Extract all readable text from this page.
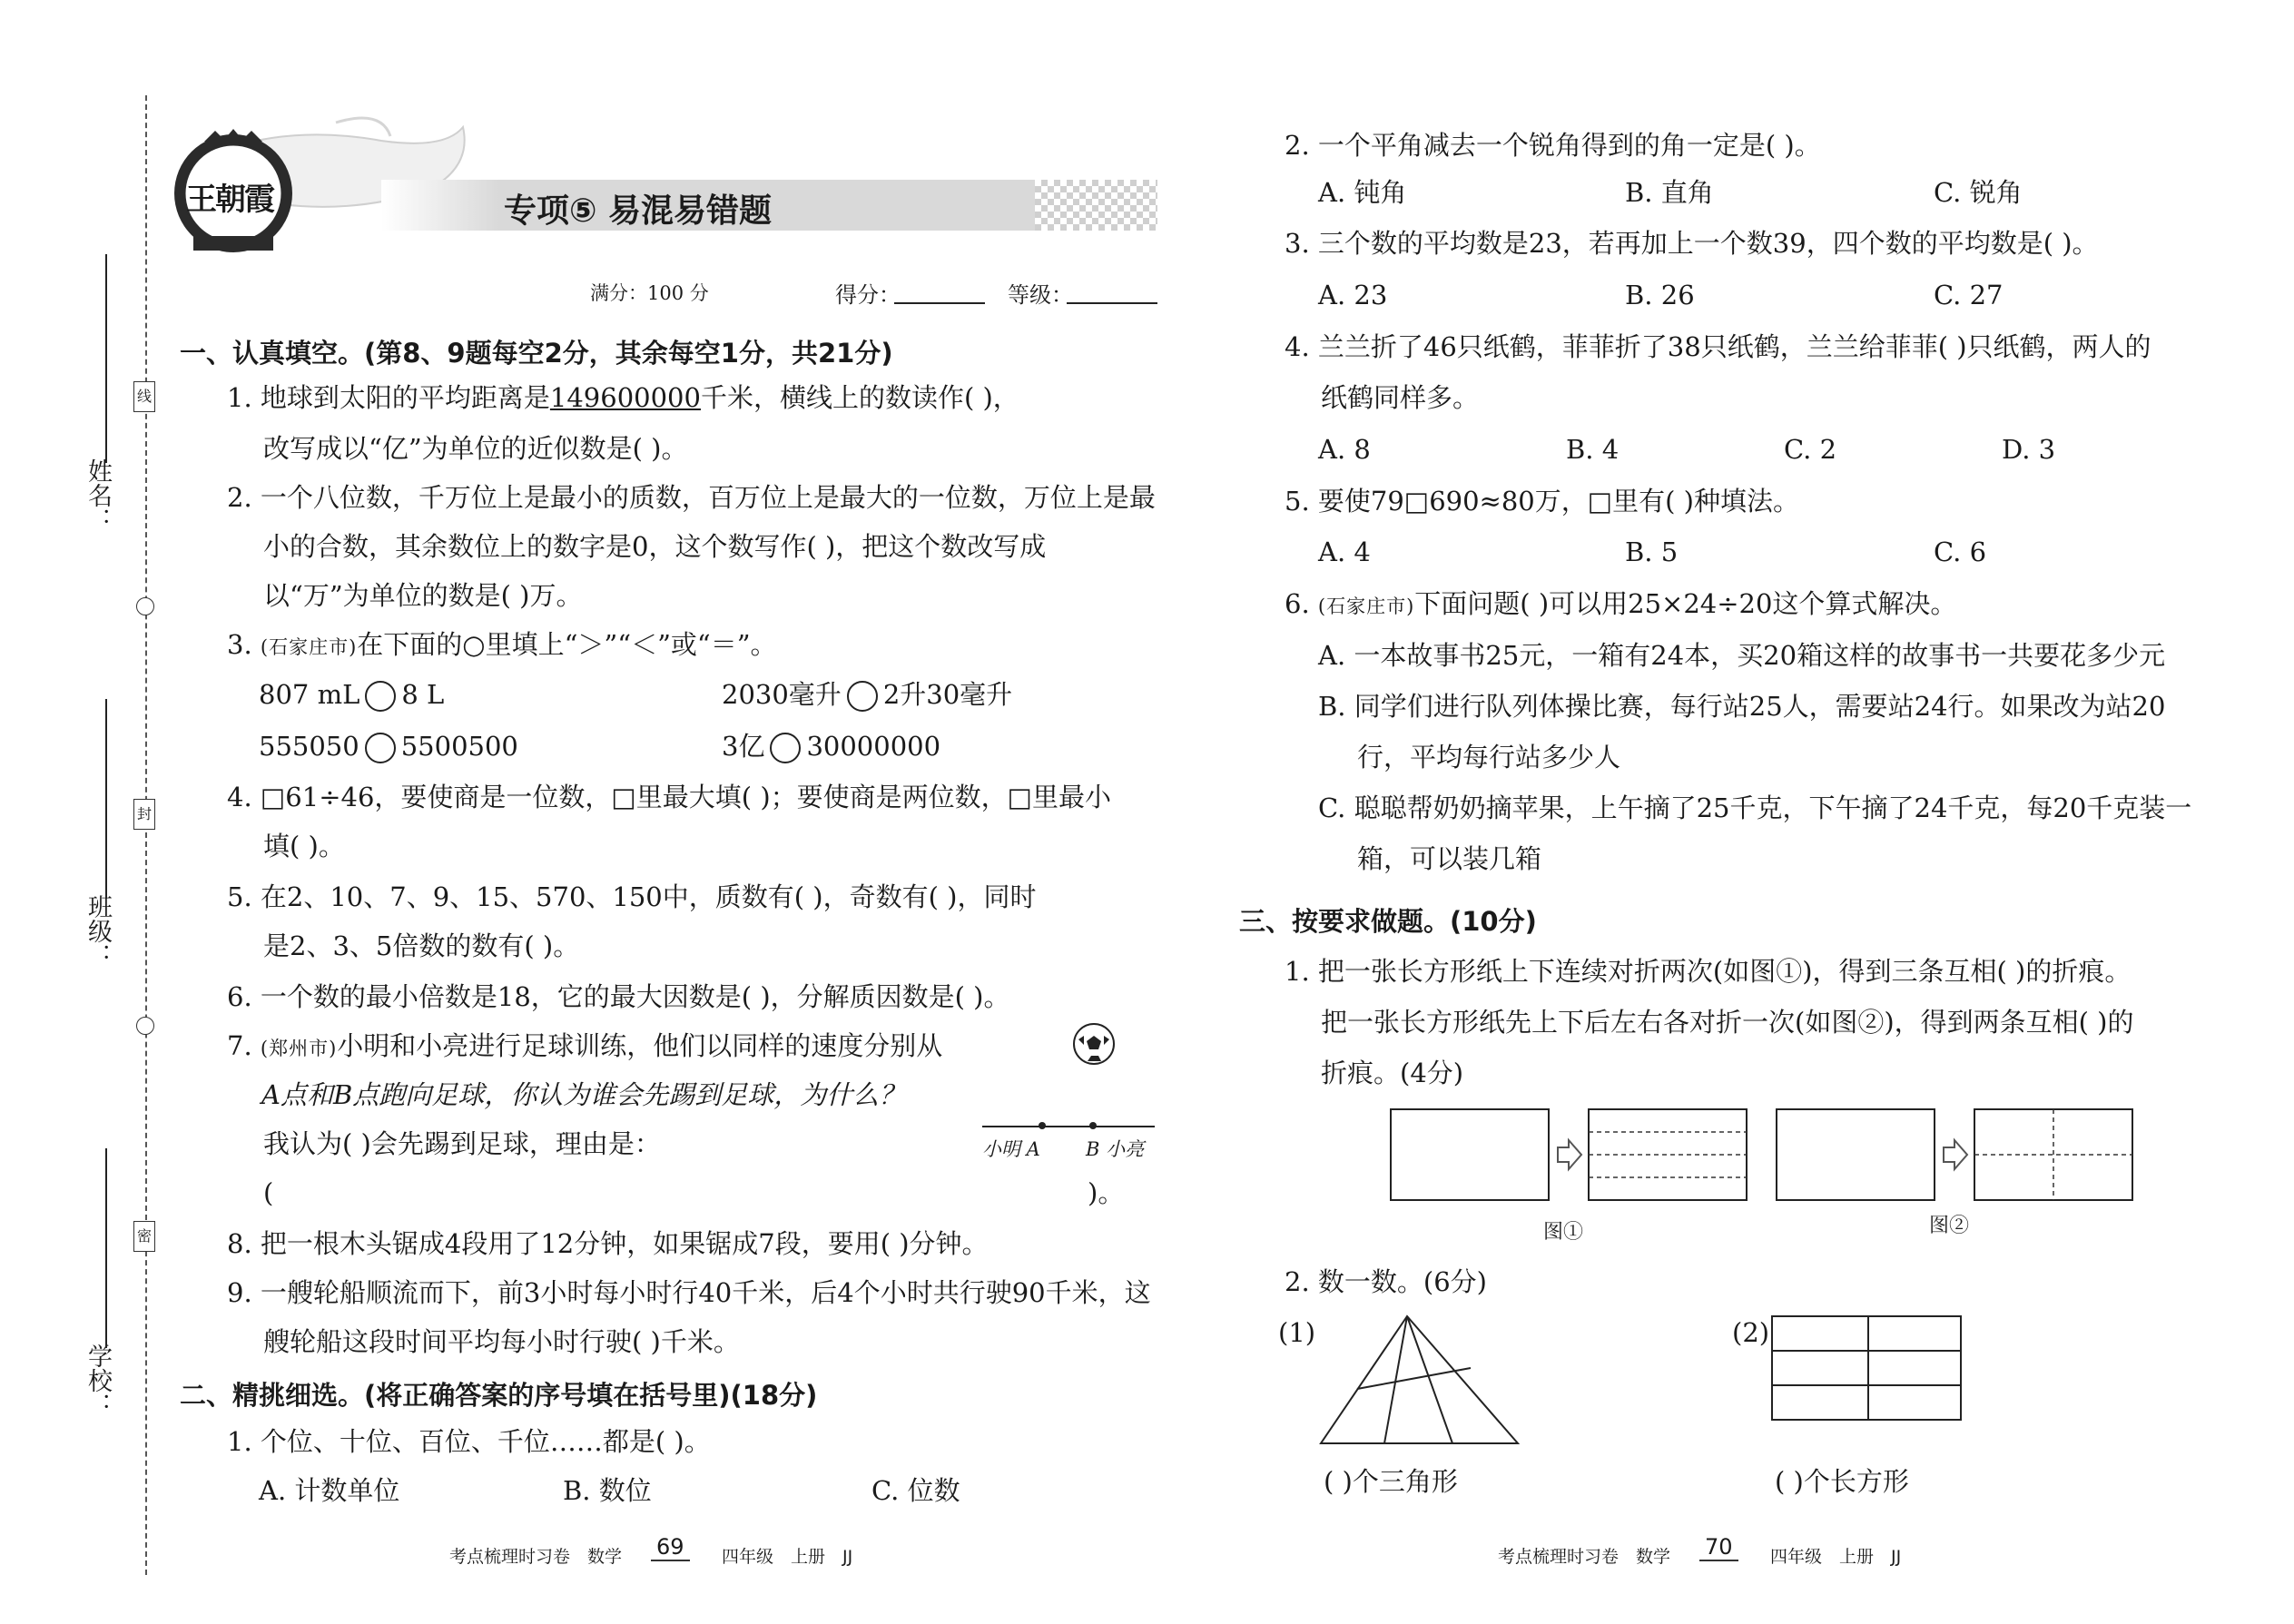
姓名：
班级：
学校：
线
封
密
王朝霞	专项⑤ 易混易错题
满分：100 分	得分：	等级：
一、认真填空。(第8、9题每空2分，其余每空1分，共21分)
1. 地球到太阳的平均距离是149600000千米，横线上的数读作( )，
改写成以“亿”为单位的近似数是( )。
2. 一个八位数，千万位上是最小的质数，百万位上是最大的一位数，万位上是最
小的合数，其余数位上的数字是0，这个数写作( )，把这个数改写成
以“万”为单位的数是( )万。
3. (石家庄市)在下面的○里填上“＞”“＜”或“＝”。
807 mL 8 L	2030毫升 2升30毫升
555050 5500500	3亿 30000000
4. □61÷46，要使商是一位数，□里最大填( )；要使商是两位数，□里最小
填( )。
5. 在2、10、7、9、15、570、150中，质数有( )，奇数有( )，同时
是2、3、5倍数的数有( )。
6. 一个数的最小倍数是18，它的最大因数是( )，分解质因数是( )。
7. (郑州市)小明和小亮进行足球训练，他们以同样的速度分别从
A点和B点跑向足球，你认为谁会先踢到足球，为什么？
我认为( )会先踢到足球，理由是：
(	)。
小明 A B 小亮
8. 把一根木头锯成4段用了12分钟，如果锯成7段，要用( )分钟。
9. 一艘轮船顺流而下，前3小时每小时行40千米，后4个小时共行驶90千米，这
艘轮船这段时间平均每小时行驶( )千米。
二、精挑细选。(将正确答案的序号填在括号里)(18分)
1. 个位、十位、百位、千位……都是( )。
A. 计数单位	B. 数位	C. 位数
考点梳理时习卷　数学 69	四年级　上册　JJ
2. 一个平角减去一个锐角得到的角一定是( )。
A. 钝角	B. 直角	C. 锐角
3. 三个数的平均数是23，若再加上一个数39，四个数的平均数是( )。
A. 23	B. 26	C. 27
4. 兰兰折了46只纸鹤，菲菲折了38只纸鹤，兰兰给菲菲( )只纸鹤，两人的
纸鹤同样多。
A. 8	B. 4	C. 2	D. 3
5. 要使79□690≈80万，□里有( )种填法。
A. 4	B. 5	C. 6
6. (石家庄市)下面问题( )可以用25×24÷20这个算式解决。
A. 一本故事书25元，一箱有24本，买20箱这样的故事书一共要花多少元
B. 同学们进行队列体操比赛，每行站25人，需要站24行。如果改为站20
行，平均每行站多少人
C. 聪聪帮奶奶摘苹果，上午摘了25千克，下午摘了24千克，每20千克装一
箱，可以装几箱
三、按要求做题。(10分)
1. 把一张长方形纸上下连续对折两次(如图①)，得到三条互相( )的折痕。
把一张长方形纸先上下后左右各对折一次(如图②)，得到两条互相( )的
折痕。(4分)
图①	图②
2. 数一数。(6分)
(1)	(2)
( )个三角形	( )个长方形
考点梳理时习卷　数学 70	四年级　上册　JJ
